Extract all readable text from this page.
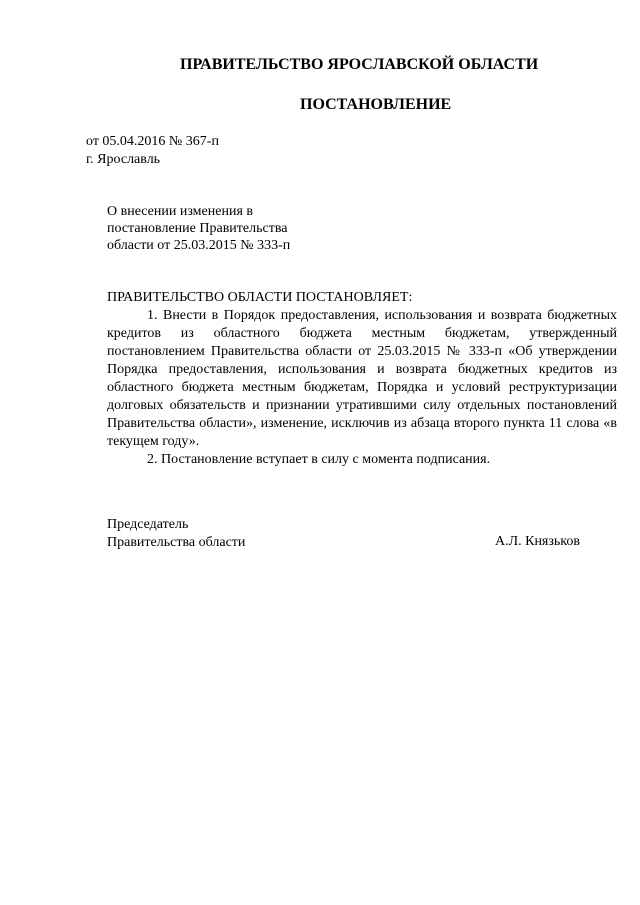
ПРАВИТЕЛЬСТВО ЯРОСЛАВСКОЙ ОБЛАСТИ
ПОСТАНОВЛЕНИЕ
от 05.04.2016 № 367-п
г. Ярославль
О внесении изменения в
постановление Правительства
области от 25.03.2015 № 333-п

ПРАВИТЕЛЬСТВО ОБЛАСТИ ПОСТАНОВЛЯЕТ:

1. Внести в Порядок предоставления, использования и возврата бюджетных кредитов из областного бюджета местным бюджетам, утвержденный постановлением Правительства области от 25.03.2015 № 333-п «Об утверждении Порядка предоставления, использования и возврата бюджетных кредитов из областного бюджета местным бюджетам, Порядка и условий реструктуризации долговых обязательств и признании утратившими силу отдельных постановлений Правительства области», изменение, исключив из абзаца второго пункта 11 слова «в текущем году».

2. Постановление вступает в силу с момента подписания.

Председатель
Правительства области	А.Л. Князьков
